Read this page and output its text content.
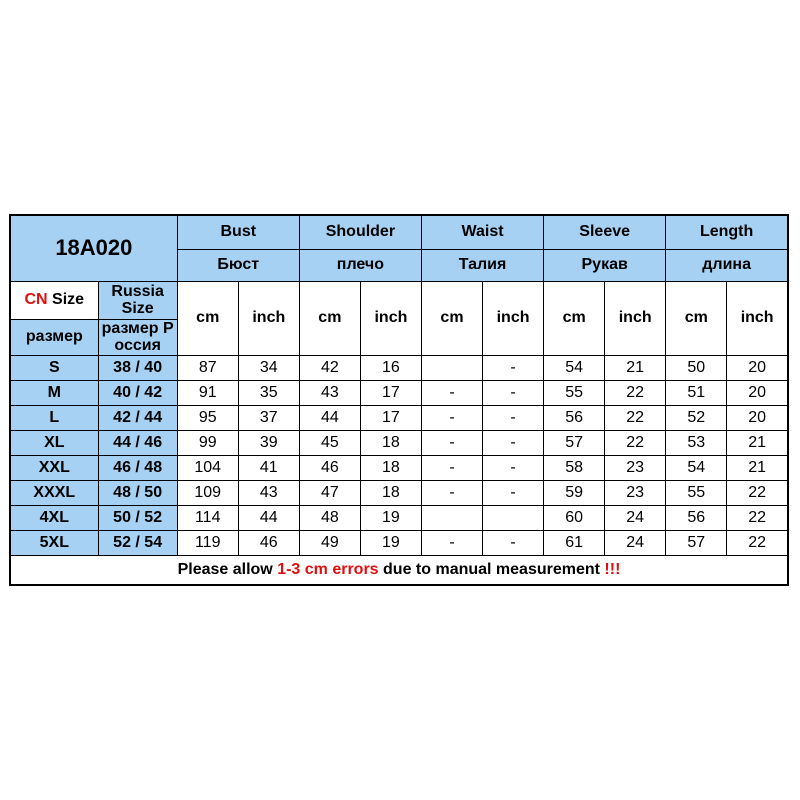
18A020		Bust		Shoulder		Waist		Sleeve		Length	
		Бюст		плечо		Талия		Рукав		длина	
CN Size	Russia Size	cm	inch	cm	inch	cm	inch	cm	inch	cm	inch
размер	размер Р оссия										
S	38 / 40	87	34	42	16		-	54	21	50	20
M	40 / 42	91	35	43	17	-	-	55	22	51	20
L	42 / 44	95	37	44	17	-	-	56	22	52	20
XL	44 / 46	99	39	45	18	-	-	57	22	53	21
XXL	46 / 48	104	41	46	18	-	-	58	23	54	21
XXXL	48 / 50	109	43	47	18	-	-	59	23	55	22
4XL	50 / 52	114	44	48	19			60	24	56	22
5XL	52 / 54	119	46	49	19	-	-	61	24	57	22
Please allow 1-3 cm errors due to manual measurement !!!											
